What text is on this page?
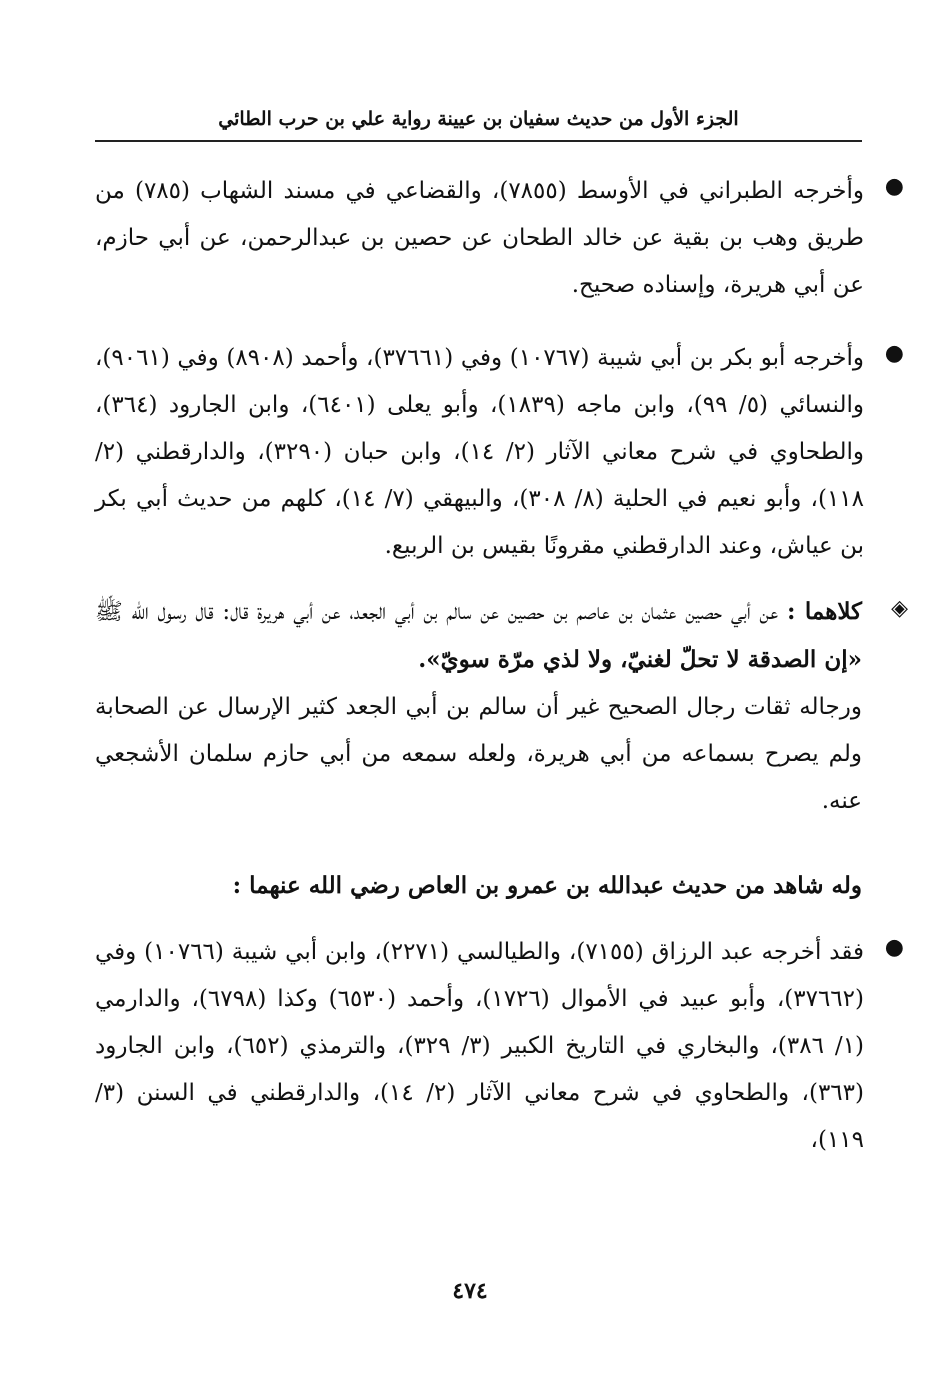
الجزء الأول من حديث سفيان بن عيينة رواية علي بن حرب الطائي
●

وأخرجه الطبراني في الأوسط (٧٨٥٥)، والقضاعي في مسند الشهاب (٧٨٥) من طريق وهب بن بقية عن خالد الطحان عن حصين بن عبدالرحمن، عن أبي حازم، عن أبي هريرة، وإسناده صحيح.

●

وأخرجه أبو بكر بن أبي شيبة (١٠٧٦٧) وفي (٣٧٦٦١)، وأحمد (٨٩٠٨) وفي (٩٠٦١)، والنسائي (٥/ ٩٩)، وابن ماجه (١٨٣٩)، وأبو يعلى (٦٤٠١)، وابن الجارود (٣٦٤)، والطحاوي في شرح معاني الآثار (٢/ ١٤)، وابن حبان (٣٢٩٠)، والدارقطني (٢/ ١١٨)، وأبو نعيم في الحلية (٨/ ٣٠٨)، والبيهقي (٧/ ١٤)، كلهم من حديث أبي بكر بن عياش، وعند الدارقطني مقرونًا بقيس بن الربيع.

◈

كلاهما : عن أبي حصين عثمان بن عاصم بن حصين عن سالم بن أبي الجعد، عن أبي هريرة قال: قال رسول الله ﷺ «إن الصدقة لا تحلّ لغنيّ، ولا لذي مرّة سويّ».

ورجاله ثقات رجال الصحيح غير أن سالم بن أبي الجعد كثير الإرسال عن الصحابة ولم يصرح بسماعه من أبي هريرة، ولعله سمعه من أبي حازم سلمان الأشجعي عنه.

وله شاهد من حديث عبدالله بن عمرو بن العاص رضي الله عنهما :
●

فقد أخرجه عبد الرزاق (٧١٥٥)، والطيالسي (٢٢٧١)، وابن أبي شيبة (١٠٧٦٦) وفي (٣٧٦٦٢)، وأبو عبيد في الأموال (١٧٢٦)، وأحمد (٦٥٣٠) وكذا (٦٧٩٨)، والدارمي (١/ ٣٨٦)، والبخاري في التاريخ الكبير (٣/ ٣٢٩)، والترمذي (٦٥٢)، وابن الجارود (٣٦٣)، والطحاوي في شرح معاني الآثار (٢/ ١٤)، والدارقطني في السنن (٣/ ١١٩)،

٤٧٤
